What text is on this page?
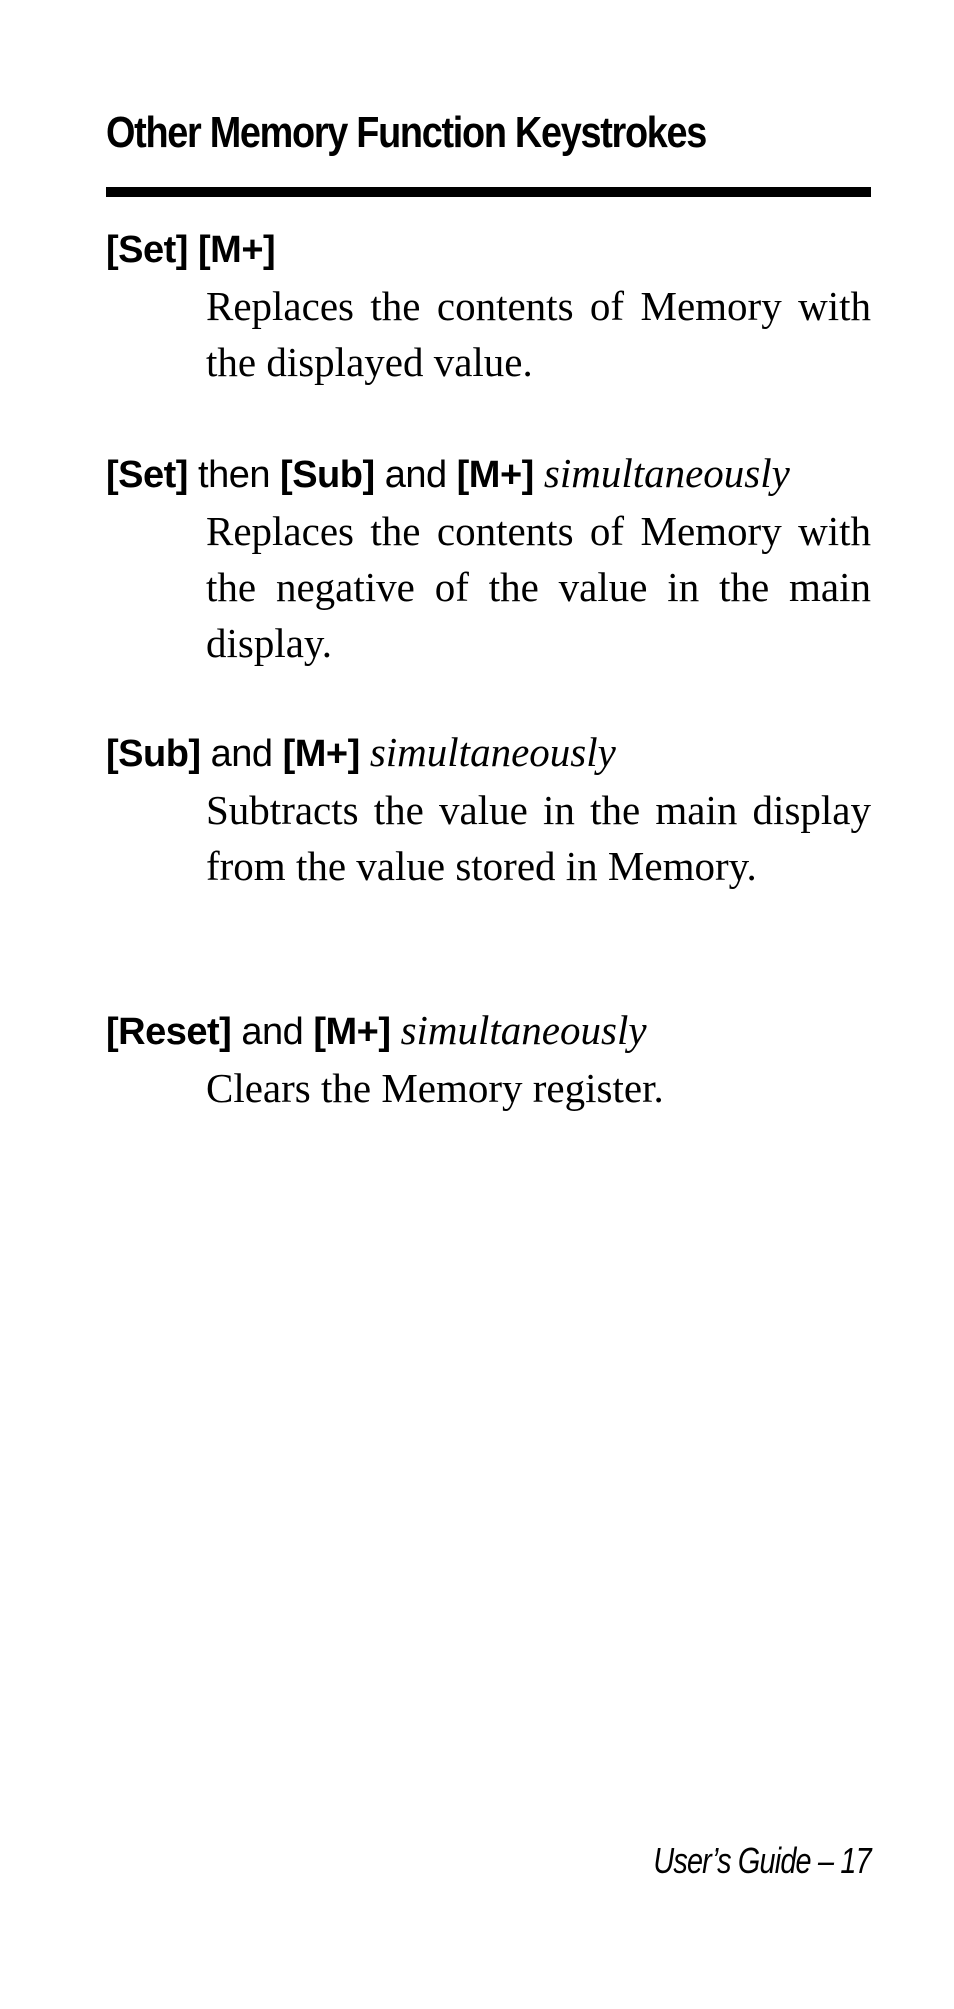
Other Memory Function Keystrokes
[Set] [M+]
Replaces the contents of Memory with the displayed value.
[Set] then [Sub] and [M+] simultaneously
Replaces the contents of Memory with the negative of the value in the main display.
[Sub] and [M+] simultaneously
Subtracts the value in the main display from the value stored in Memory.
[Reset] and [M+] simultaneously
Clears the Memory register.
User’s Guide – 17
